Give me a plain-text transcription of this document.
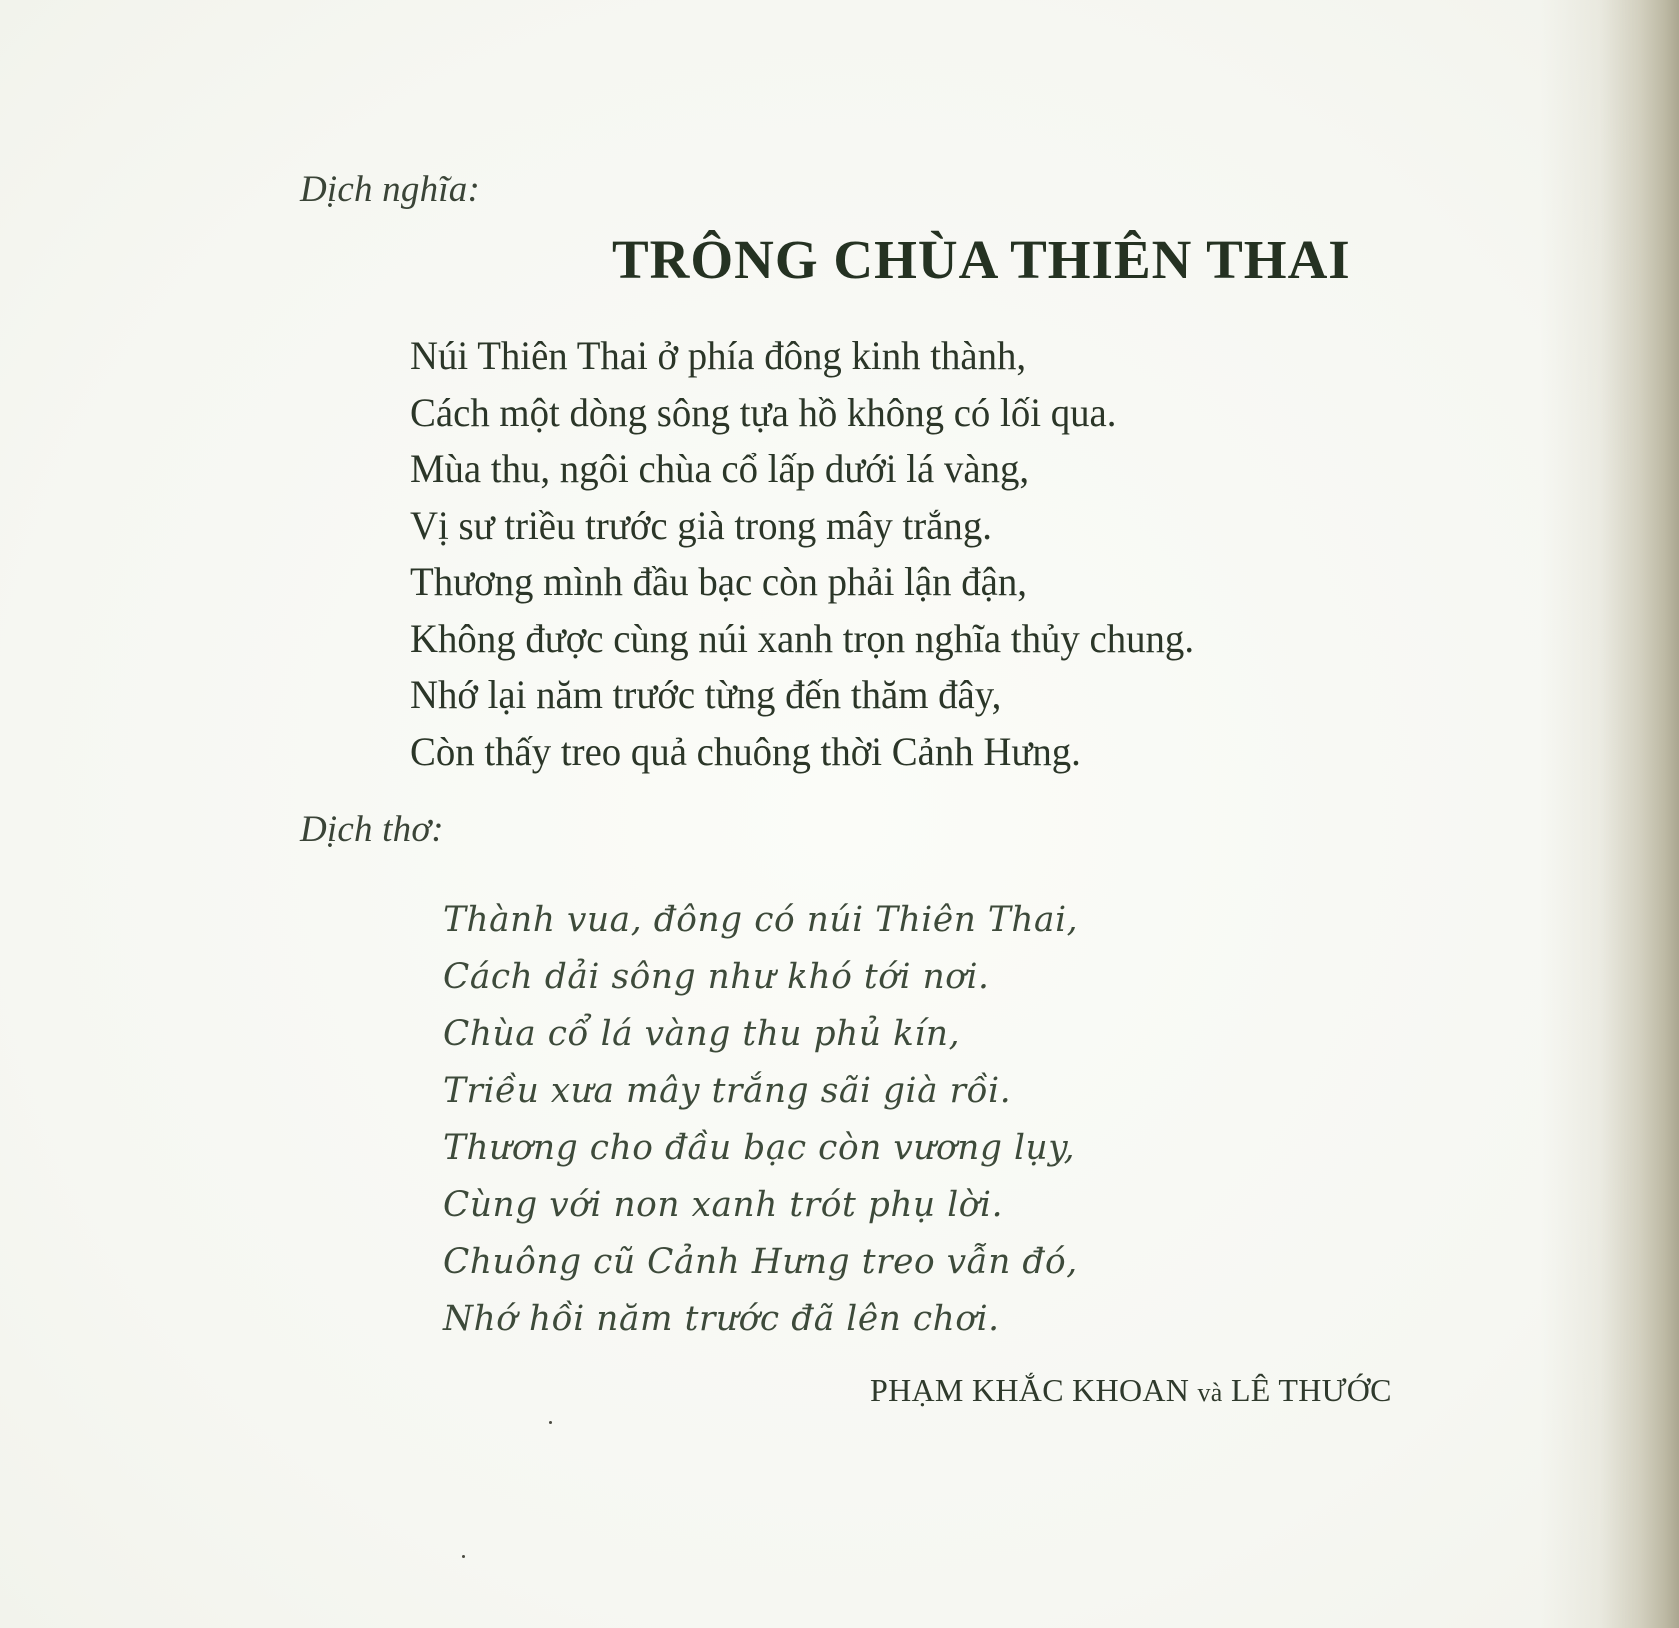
Dịch nghĩa:
TRÔNG CHÙA THIÊN THAI
Núi Thiên Thai ở phía đông kinh thành,
Cách một dòng sông tựa hồ không có lối qua.
Mùa thu, ngôi chùa cổ lấp dưới lá vàng,
Vị sư triều trước già trong mây trắng.
Thương mình đầu bạc còn phải lận đận,
Không được cùng núi xanh trọn nghĩa thủy chung.
Nhớ lại năm trước từng đến thăm đây,
Còn thấy treo quả chuông thời Cảnh Hưng.
Dịch thơ:
Thành vua, đông có núi Thiên Thai,
Cách dải sông như khó tới nơi.
Chùa cổ lá vàng thu phủ kín,
Triều xưa mây trắng sãi già rồi.
Thương cho đầu bạc còn vương lụy,
Cùng với non xanh trót phụ lời.
Chuông cũ Cảnh Hưng treo vẫn đó,
Nhớ hồi năm trước đã lên chơi.
PHẠM KHẮC KHOAN và LÊ THƯỚC
